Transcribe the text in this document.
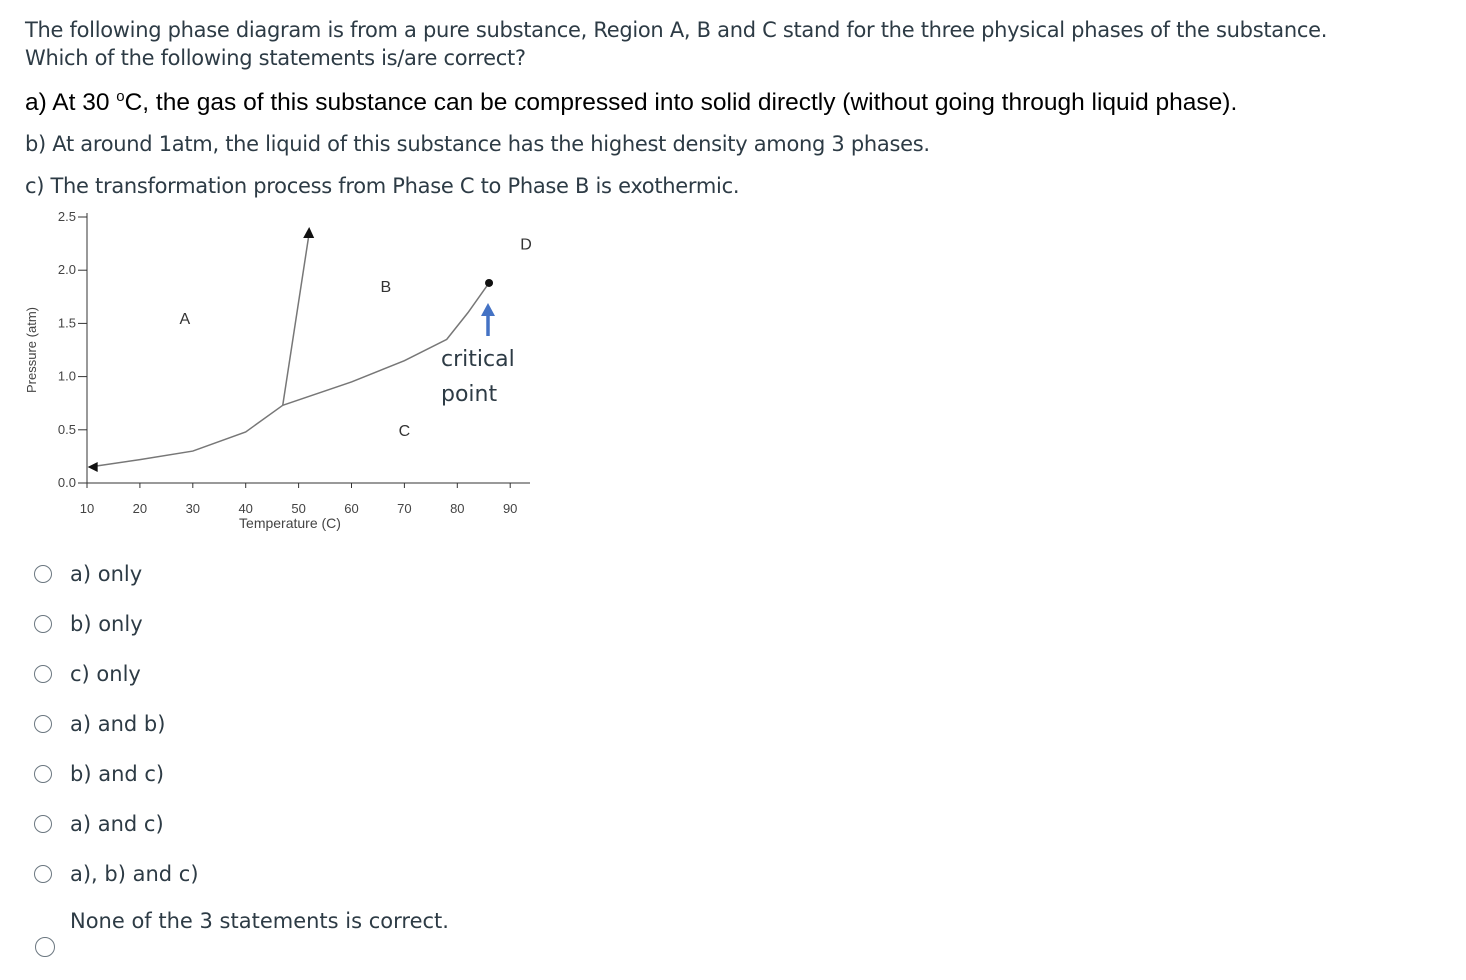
The following phase diagram is from a pure substance, Region A, B and C stand for the three physical phases of the substance.
Which of the following statements is/are correct?
a) At 30 $^o$C, the gas of this substance can be compressed into solid directly (without going through liquid phase).
b) At around 1atm, the liquid of this substance has the highest density among 3 phases.
c) The transformation process from Phase C to Phase B is exothermic.
10	20	30	40	50	60	70	80	90
0.0
0.5
1.0
1.5
2.0
2.5
Temperature (C)
Pressure (atm)	A
B
C
D
critical
point
a) only
b) only
c) only
a) and b)
b) and c)
a) and c)
a), b) and c)
None of the 3 statements is correct.
